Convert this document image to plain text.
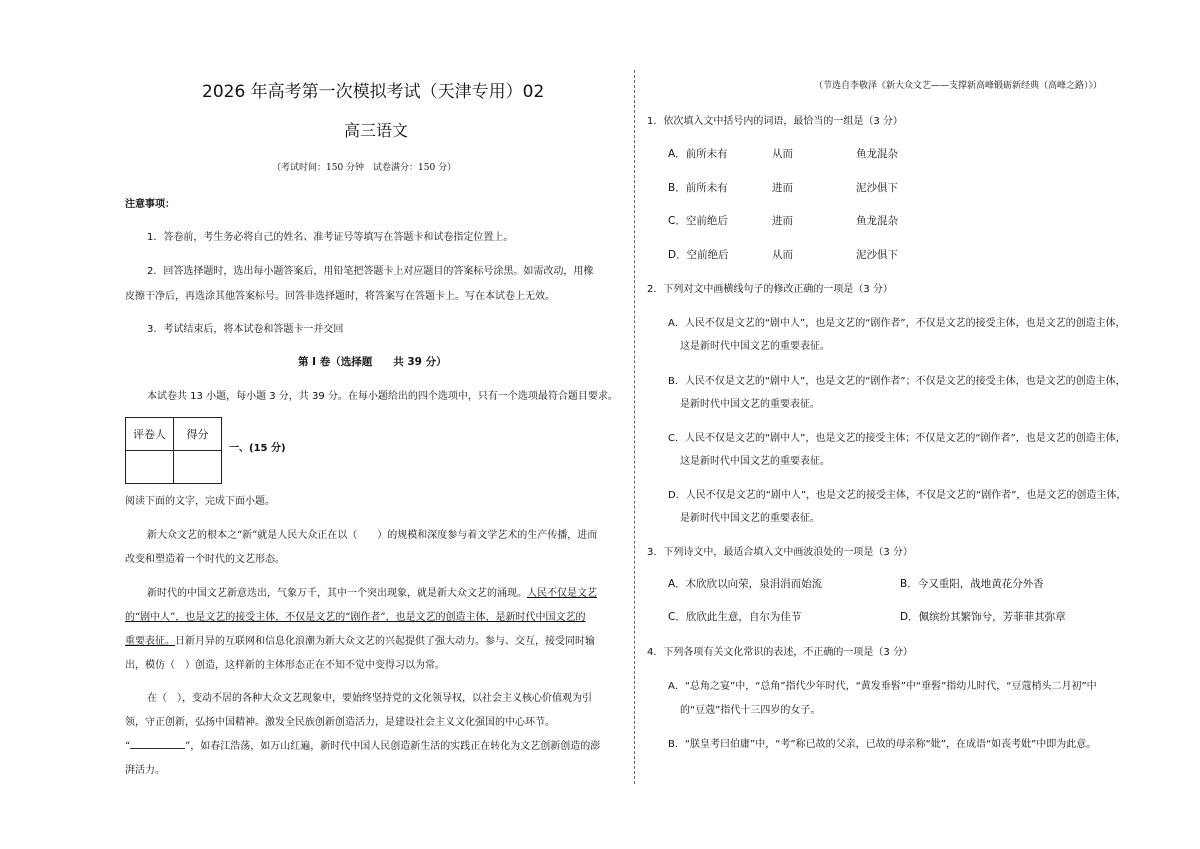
2026 年高考第一次模拟考试（天津专用）02
高三语文
（考试时间：150 分钟　试卷满分：150 分）
注意事项：
1．答卷前，考生务必将自己的姓名、准考证号等填写在答题卡和试卷指定位置上。
2．回答选择题时，选出每小题答案后，用铅笔把答题卡上对应题目的答案标号涂黑。如需改动，用橡
皮擦干净后，再选涂其他答案标号。回答非选择题时，将答案写在答题卡上。写在本试卷上无效。
3．考试结束后，将本试卷和答题卡一并交回
第 Ⅰ 卷（选择题　　共 39 分）
本试卷共 13 小题，每小题 3 分，共 39 分。在每小题给出的四个选项中，只有一个选项最符合题目要求。
评卷人	得分

一、(15 分)
阅读下面的文字，完成下面小题。
新大众文艺的根本之“新”就是人民大众正在以（　　）的规模和深度参与着文学艺术的生产传播，进而
改变和塑造着一个时代的文艺形态。
新时代的中国文艺新意迭出，气象万千，其中一个突出现象，就是新大众文艺的涌现。人民不仅是文艺
的“剧中人”，也是文艺的接受主体，不仅是文艺的“剧作者”，也是文艺的创造主体，是新时代中国文艺的
重要表征。日新月异的互联网和信息化浪潮为新大众文艺的兴起提供了强大动力。参与、交互，接受同时输
出，模仿（　）创造，这样新的主体形态正在不知不觉中变得习以为常。
在（　），变动不居的各种大众文艺现象中，要始终坚持党的文化领导权，以社会主义核心价值观为引
领，守正创新，弘扬中国精神。激发全民族创新创造活力，是建设社会主义文化强国的中心环节。
“	”，如春江浩荡，如万山红遍，新时代中国人民创造新生活的实践正在转化为文艺创新创造的澎
湃活力。
（节选自李敬泽《新大众文艺——支撑新高峰锻砺新经典（高峰之路）》）
1．依次填入文中括号内的词语，最恰当的一组是（3 分）
A．前所未有	从而	鱼龙混杂
B．前所未有	进而	泥沙俱下
C．空前绝后	进而	鱼龙混杂
D．空前绝后	从而	泥沙俱下
2．下列对文中画横线句子的修改正确的一项是（3 分）
A．人民不仅是文艺的“剧中人”，也是文艺的“剧作者”，不仅是文艺的接受主体，也是文艺的创造主体，
这是新时代中国文艺的重要表征。
B．人民不仅是文艺的“剧中人”，也是文艺的“剧作者”；不仅是文艺的接受主体，也是文艺的创造主体，
是新时代中国文艺的重要表征。
C．人民不仅是文艺的“剧中人”，也是文艺的接受主体；不仅是文艺的“剧作者”，也是文艺的创造主体，
这是新时代中国文艺的重要表征。
D．人民不仅是文艺的“剧中人”，也是文艺的接受主体，不仅是文艺的“剧作者”，也是文艺的创造主体，
是新时代中国文艺的重要表征。
3．下列诗文中，最适合填入文中画波浪处的一项是（3 分）
A．木欣欣以向荣，泉涓涓而始流	B．今又重阳，战地黄花分外香
C．欣欣此生意，自尔为佳节	D．佩缤纷其繁饰兮，芳菲菲其弥章
4．下列各项有关文化常识的表述，不正确的一项是（3 分）
A．“总角之宴”中，“总角”指代少年时代，“黄发垂髫”中“垂髫”指幼儿时代，“豆蔻梢头二月初”中
的“豆蔻”指代十三四岁的女子。
B．“朕皇考曰伯庸”中，“考”称已故的父亲，已故的母亲称“妣”，在成语“如丧考妣”中即为此意。
